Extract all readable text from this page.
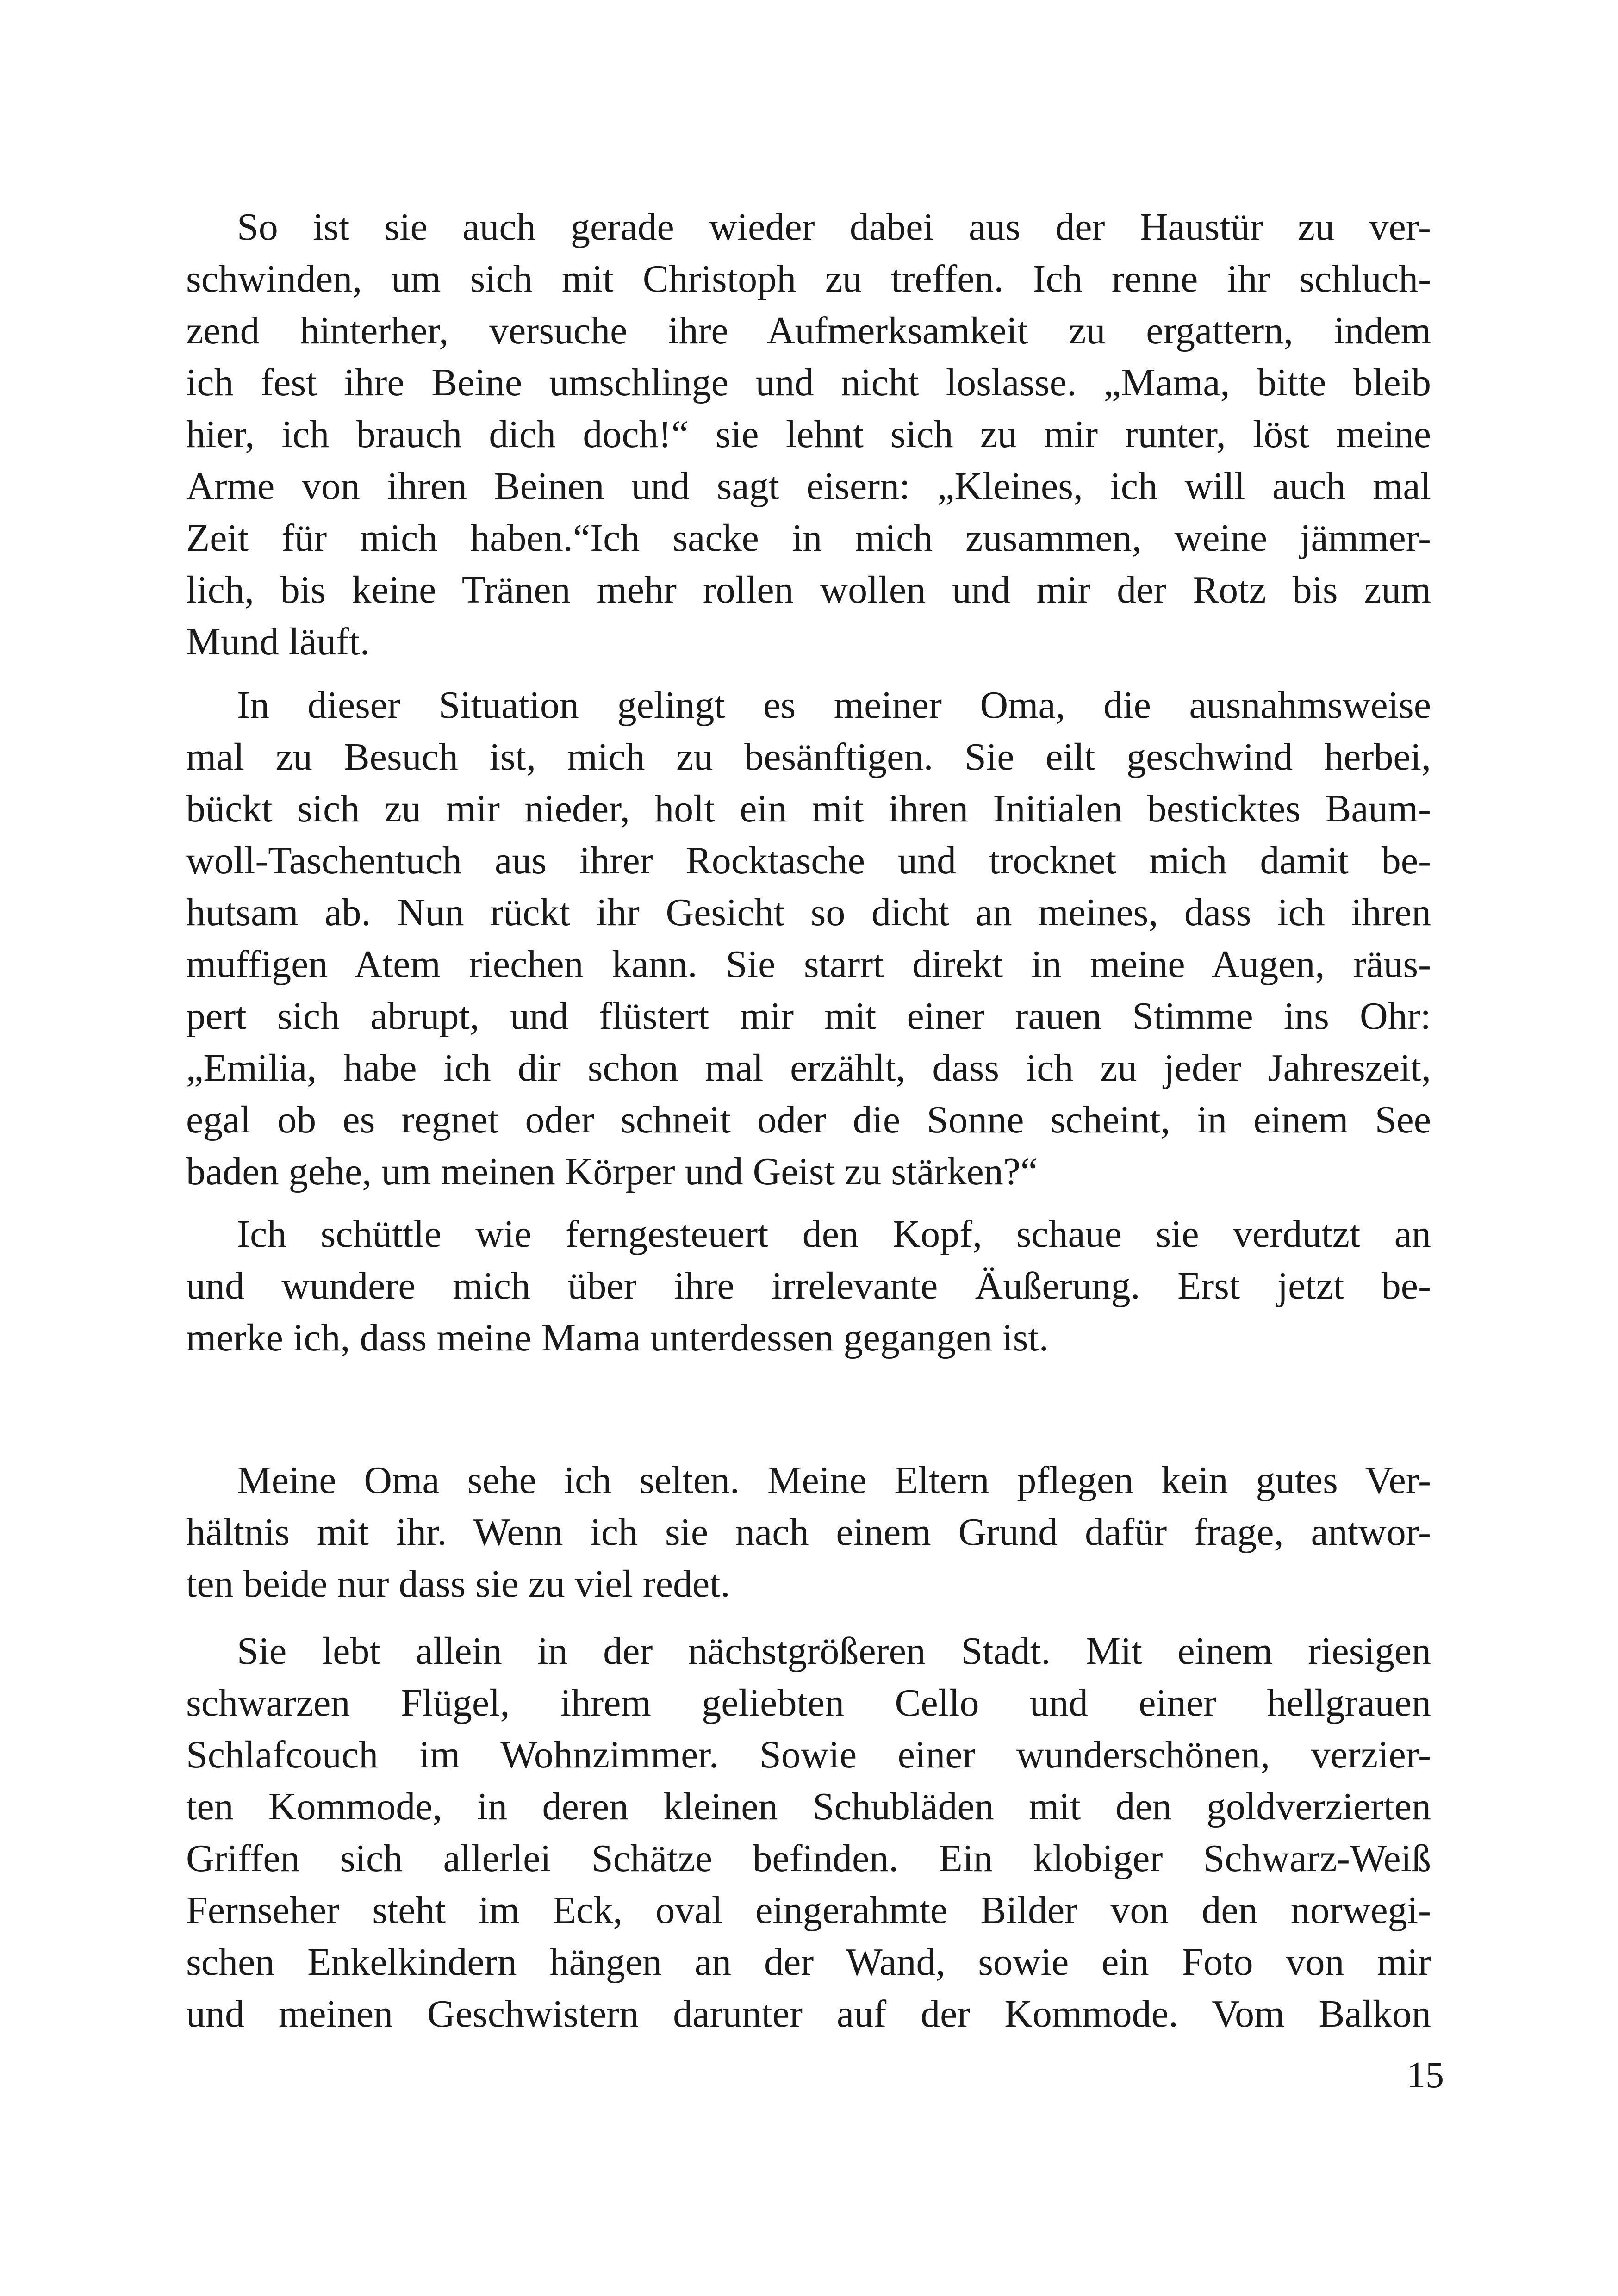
So ist sie auch gerade wieder dabei aus der Haustür zu ver-
schwinden, um sich mit Christoph zu treffen. Ich renne ihr schluch-
zend hinterher, versuche ihre Aufmerksamkeit zu ergattern, indem
ich fest ihre Beine umschlinge und nicht loslasse. „Mama, bitte bleib
hier, ich brauch dich doch!“ sie lehnt sich zu mir runter, löst meine
Arme von ihren Beinen und sagt eisern: „Kleines, ich will auch mal
Zeit für mich haben.“Ich sacke in mich zusammen, weine jämmer-
lich, bis keine Tränen mehr rollen wollen und mir der Rotz bis zum
Mund läuft.
In dieser Situation gelingt es meiner Oma, die ausnahmsweise
mal zu Besuch ist, mich zu besänftigen. Sie eilt geschwind herbei,
bückt sich zu mir nieder, holt ein mit ihren Initialen besticktes Baum-
woll-Taschentuch aus ihrer Rocktasche und trocknet mich damit be-
hutsam ab. Nun rückt ihr Gesicht so dicht an meines, dass ich ihren
muffigen Atem riechen kann. Sie starrt direkt in meine Augen, räus-
pert sich abrupt, und flüstert mir mit einer rauen Stimme ins Ohr:
„Emilia, habe ich dir schon mal erzählt, dass ich zu jeder Jahreszeit,
egal ob es regnet oder schneit oder die Sonne scheint, in einem See
baden gehe, um meinen Körper und Geist zu stärken?“
Ich schüttle wie ferngesteuert den Kopf, schaue sie verdutzt an
und wundere mich über ihre irrelevante Äußerung. Erst jetzt be-
merke ich, dass meine Mama unterdessen gegangen ist.
Meine Oma sehe ich selten. Meine Eltern pflegen kein gutes Ver-
hältnis mit ihr. Wenn ich sie nach einem Grund dafür frage, antwor-
ten beide nur dass sie zu viel redet.
Sie lebt allein in der nächstgrößeren Stadt. Mit einem riesigen
schwarzen Flügel, ihrem geliebten Cello und einer hellgrauen
Schlafcouch im Wohnzimmer. Sowie einer wunderschönen, verzier-
ten Kommode, in deren kleinen Schubläden mit den goldverzierten
Griffen sich allerlei Schätze befinden. Ein klobiger Schwarz-Weiß
Fernseher steht im Eck, oval eingerahmte Bilder von den norwegi-
schen Enkelkindern hängen an der Wand, sowie ein Foto von mir
und meinen Geschwistern darunter auf der Kommode. Vom Balkon
15
